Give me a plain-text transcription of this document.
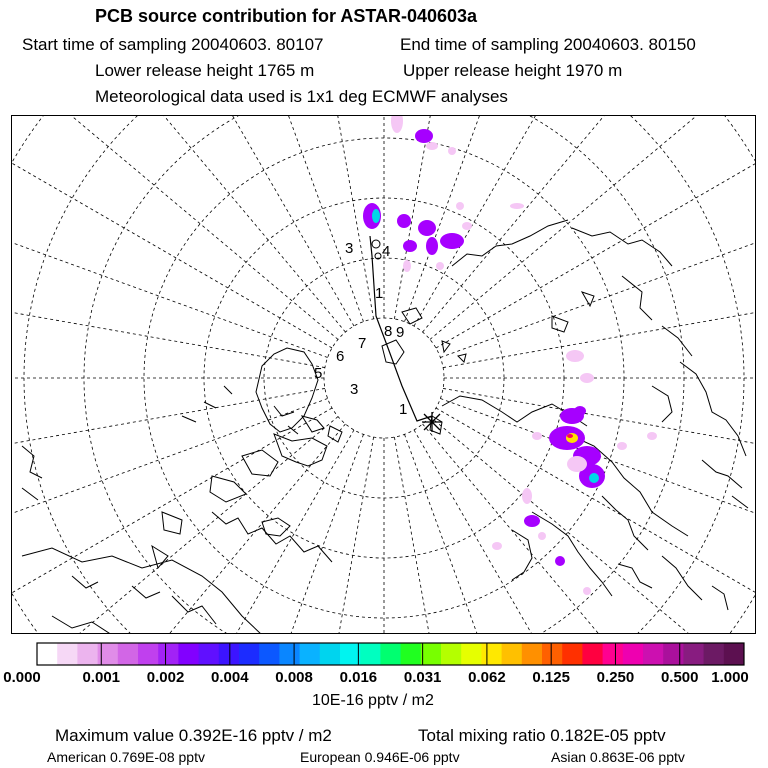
PCB source contribution for ASTAR-040603a
Start time of sampling 20040603. 80107	End time of sampling 20040603. 80150
Lower release height 1765 m	Upper release height 1970 m
Meteorological data used is 1x1 deg ECMWF analyses
3 4
1
6
7
8 9
5
3
1
0.000	0.001 0.002 0.004 0.008 0.016 0.031 0.062 0.125 0.250 0.500 1.000
10E-16 pptv / m2
Maximum value 0.392E-16 pptv / m2	Total mixing ratio 0.182E-05 pptv
American 0.769E-08 pptv	European 0.946E-06 pptv	Asian 0.863E-06 pptv
